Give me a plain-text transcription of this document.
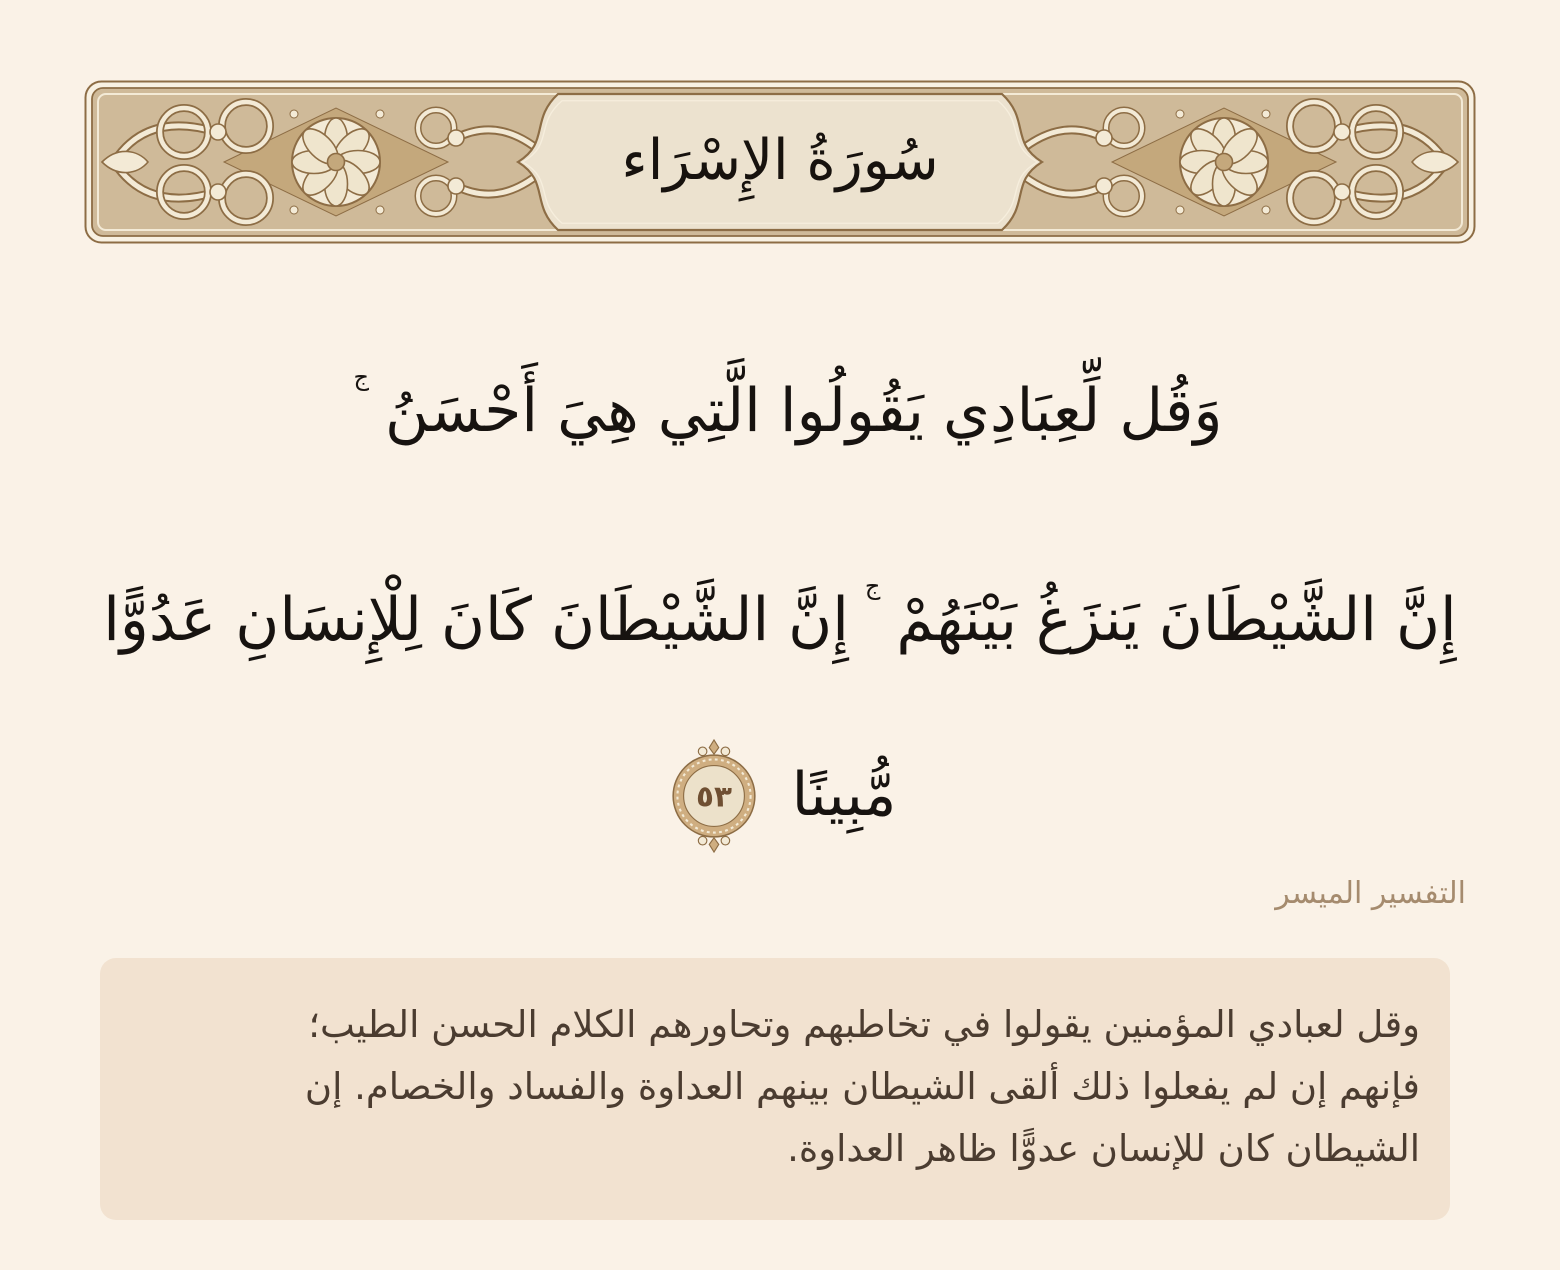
سُورَةُ الإِسْرَاء
وَقُل لِّعِبَادِي يَقُولُوا الَّتِي هِيَ أَحْسَنُج
إِنَّ الشَّيْطَانَ يَنزَغُ بَيْنَهُمْجإِنَّ الشَّيْطَانَ كَانَ لِلْإِنسَانِ عَدُوًّا
مُّبِينًا
٥٣
التفسير الميسر
وقل لعبادي المؤمنين يقولوا في تخاطبهم وتحاورهم الكلام الحسن الطيب؛
فإنهم إن لم يفعلوا ذلك ألقى الشيطان بينهم العداوة والفساد والخصام. إن
الشيطان كان للإنسان عدوًّا ظاهر العداوة.
